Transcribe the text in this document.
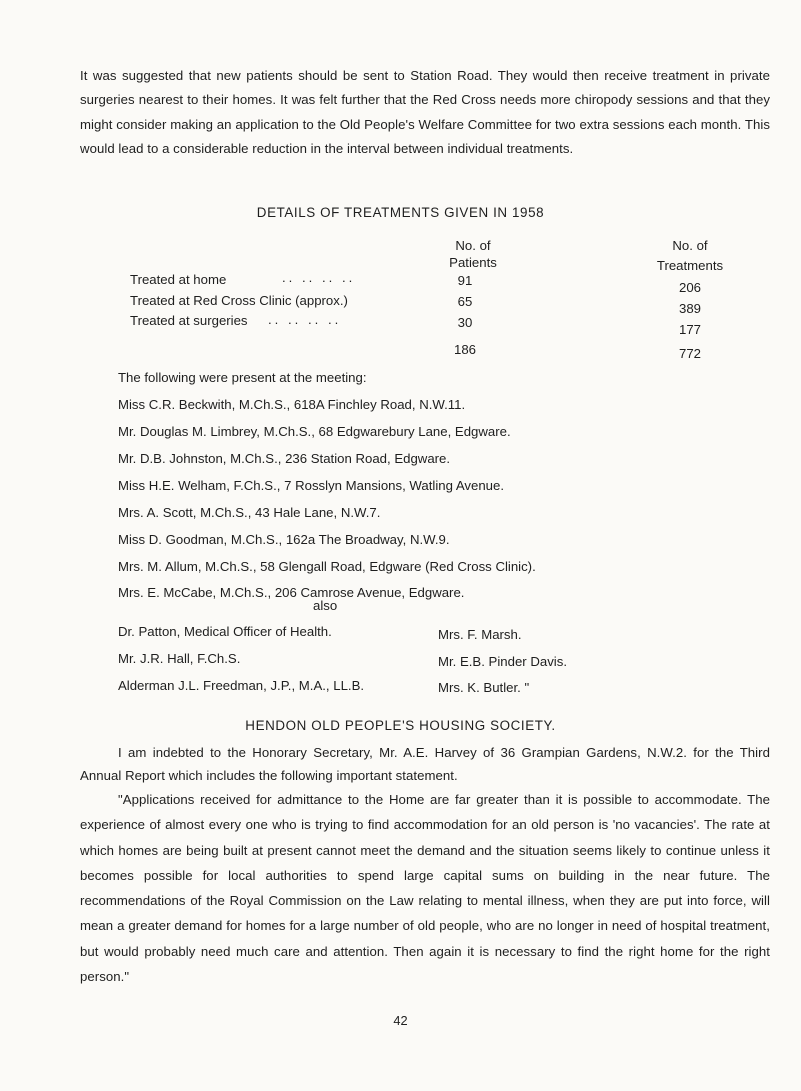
It was suggested that new patients should be sent to Station Road. They would then receive treatment in private surgeries nearest to their homes. It was felt further that the Red Cross needs more chiropody sessions and that they might consider making an application to the Old People's Welfare Committee for two extra sessions each month. This would lead to a considerable reduction in the interval between individual treatments.
DETAILS OF TREATMENTS GIVEN IN 1958
No. of
Patients
No. of
Treatments
Treated at home	.. .. .. ..	91	206
Treated at Red Cross Clinic (approx.)	65	389
Treated at surgeries .. .. .. ..	30	177
186	772
The following were present at the meeting:
Miss C.R. Beckwith, M.Ch.S., 618A Finchley Road, N.W.11.
Mr. Douglas M. Limbrey, M.Ch.S., 68 Edgwarebury Lane, Edgware.
Mr. D.B. Johnston, M.Ch.S., 236 Station Road, Edgware.
Miss H.E. Welham, F.Ch.S., 7 Rosslyn Mansions, Watling Avenue.
Mrs. A. Scott, M.Ch.S., 43 Hale Lane, N.W.7.
Miss D. Goodman, M.Ch.S., 162a The Broadway, N.W.9.
Mrs. M. Allum, M.Ch.S., 58 Glengall Road, Edgware (Red Cross Clinic).
Mrs. E. McCabe, M.Ch.S., 206 Camrose Avenue, Edgware.
also
Dr. Patton, Medical Officer of Health.
Mr. J.R. Hall, F.Ch.S.
Alderman J.L. Freedman, J.P., M.A., LL.B.
Mrs. F. Marsh.
Mr. E.B. Pinder Davis.
Mrs. K. Butler. "
HENDON OLD PEOPLE'S HOUSING SOCIETY.
I am indebted to the Honorary Secretary, Mr. A.E. Harvey of 36 Grampian Gardens, N.W.2. for the Third Annual Report which includes the following important statement.
"Applications received for admittance to the Home are far greater than it is possible to accommodate. The experience of almost every one who is trying to find accommodation for an old person is 'no vacancies'. The rate at which homes are being built at present cannot meet the demand and the situation seems likely to continue unless it becomes possible for local authorities to spend large capital sums on building in the near future. The recommendations of the Royal Commission on the Law relating to mental illness, when they are put into force, will mean a greater demand for homes for a large number of old people, who are no longer in need of hospital treatment, but would probably need much care and attention. Then again it is necessary to find the right home for the right person."
42
